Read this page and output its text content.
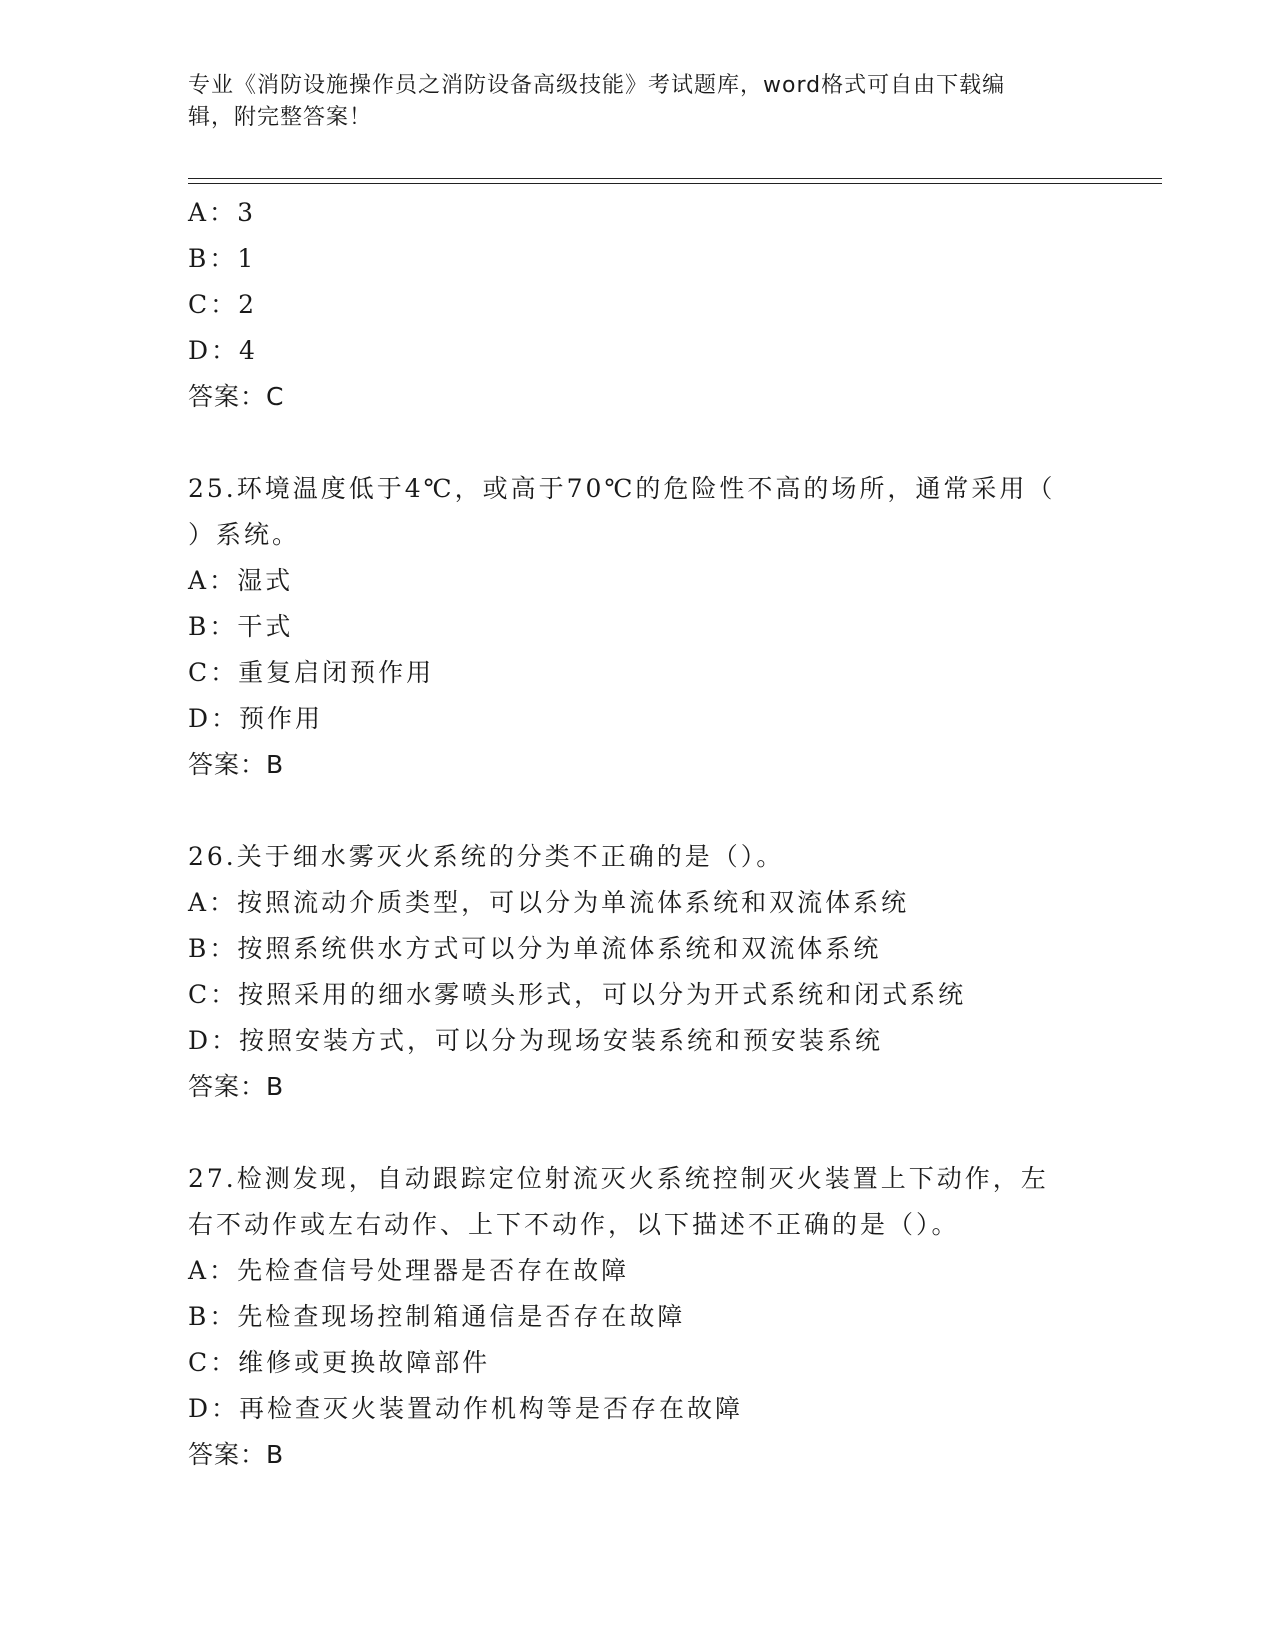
专业《消防设施操作员之消防设备高级技能》考试题库，word格式可自由下载编
辑，附完整答案！
A：3
B：1
C：2
D：4
答案：C
25.环境温度低于4℃，或高于70℃的危险性不高的场所，通常采用（
）系统。
A：湿式
B：干式
C：重复启闭预作用
D：预作用
答案：B
26.关于细水雾灭火系统的分类不正确的是（）。
A：按照流动介质类型，可以分为单流体系统和双流体系统
B：按照系统供水方式可以分为单流体系统和双流体系统
C：按照采用的细水雾喷头形式，可以分为开式系统和闭式系统
D：按照安装方式，可以分为现场安装系统和预安装系统
答案：B
27.检测发现，自动跟踪定位射流灭火系统控制灭火装置上下动作，左
右不动作或左右动作、上下不动作，以下描述不正确的是（）。
A：先检查信号处理器是否存在故障
B：先检查现场控制箱通信是否存在故障
C：维修或更换故障部件
D：再检查灭火装置动作机构等是否存在故障
答案：B
